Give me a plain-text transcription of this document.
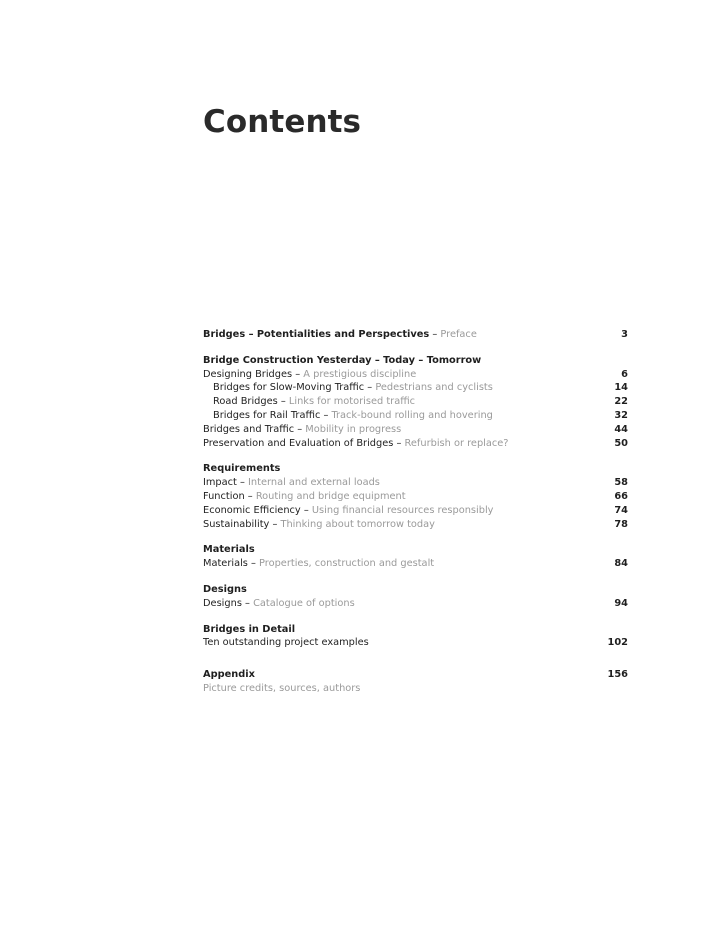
Contents
Bridges – Potentialities and Perspectives – Preface	3
Bridge Construction Yesterday – Today – Tomorrow
Designing Bridges – A prestigious discipline	6
Bridges for Slow-Moving Traffic – Pedestrians and cyclists	14
Road Bridges – Links for motorised traffic	22
Bridges for Rail Traffic – Track-bound rolling and hovering	32
Bridges and Traffic – Mobility in progress	44
Preservation and Evaluation of Bridges – Refurbish or replace?	50
Requirements
Impact – Internal and external loads	58
Function – Routing and bridge equipment	66
Economic Efficiency – Using financial resources responsibly	74
Sustainability – Thinking about tomorrow today	78
Materials
Materials – Properties, construction and gestalt	84
Designs
Designs – Catalogue of options	94
Bridges in Detail
Ten outstanding project examples	102
Appendix	156
Picture credits, sources, authors
